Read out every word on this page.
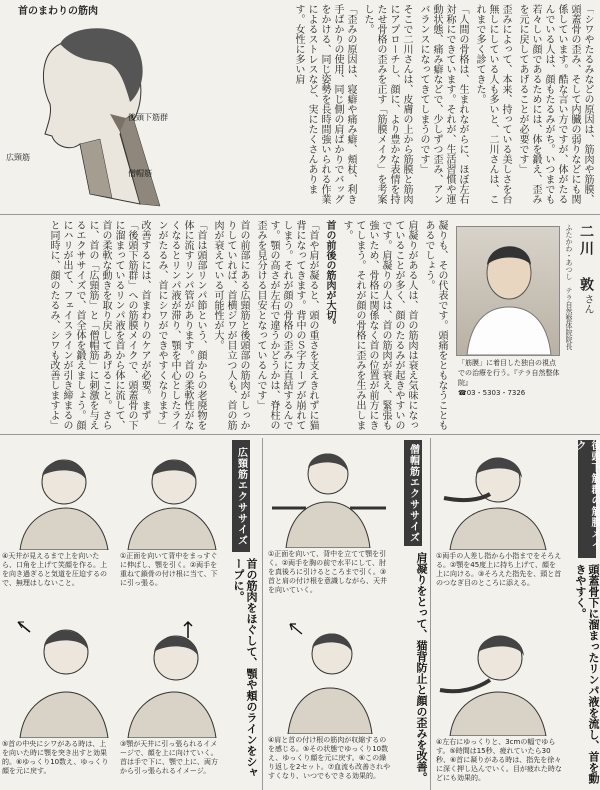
首のまわりの筋肉
後頭下筋群
広頸筋
僧帽筋	「シワやたるみなどの原因は、筋肉や筋膜、頭蓋骨の歪み、そして内臓の弱りなどにも関係しています。酷な言い方ですが、体がたるんでいる人は、顔もたるみがち。いつまでも若々しい顔であるためには、体を鍛え、歪みを元に戻してあげることが必要です」

歪みによって、本来、持っている美しさを台無しにしている人も多いと、二川さんは、これまで多く診てきた。

「人間の骨格は、生まれながらに、ほぼ左右対称にできています。それが、生活習慣や運動状態、痛み癖などで、少しずつ歪み、アンバランスになってきてしまうのです」

そこで二川さんは、皮膚の上から筋膜と筋肉にアプローチし、顔に、より豊かな表情を持たせ骨格の歪みを正す「筋膜メイク」を考案した。

「歪みの原因は、寝癖や痛み癖、頬杖、利き手ばかりの使用、同じ側の肩ばかりでバッグをかける、同じ姿勢を長時間強いられる作業によるストレスなど、実にたくさんあります。女性に多い肩

二川 敦
さん
ふたかわ・あつし　テラ自然整体院院長
「筋膜」に着目した独自の視点での治療を行う。『テラ自然整体院』
☎03・5303・7326

凝りも、その代表です。頭痛をともなうこともあるでしょう。

肩凝りがある人は、首の筋肉は衰え気味になっていることが多く、顔のたるみが起きやすいのです。肩凝りの人は、首の筋肉が衰え、緊張も強いため、骨格に関係なく首の位置が前方にきてしまう。それが顔の骨格に歪みを生み出します。

首の前後の筋肉が大切。

「首や肩が凝ると、頭の重さを支えきれずに猫背になってきます。背中のＳ字カーブが崩れてしまう。それが顔の骨格の歪みに直結するんです。顎の高さが左右で違うかどうかは、脊柱の歪みを見分ける目安となっているんです」

首の前部にある広頸筋と後頭部の筋肉がしっかりしていれば、首横ジワが目立つ人も、首の筋肉が衰えている可能性が大。

「首は頭部リンパ節という、顔からの老廃物を体に流すリンパ管があります。首の柔軟性がなくなるとリンパ液が滞り、顎を中心としたラインがたるみ、首にシワができやすくなります」

改善するには、首まわりのケアが必要。まず「後頭下筋群」への筋膜メイクで、頭蓋骨の下に溜まっているリンパ液を首から体に流して、首の柔軟な動きを取り戻してあげること。さらに、首の「広頸筋」と「僧帽筋」に刺激を与えるエクササイズで、首全体を鍛えましょう。顔にハリが出て、フェイスラインが引き締まるのと同時に、顔のたるみ、シワも改善しますよ」

④天井が見えるまで上を向いたら、口角を上げて笑顔を作る。上を向き過ぎると気道を圧迫するので、無理はしないこと。
①正面を向いて背中をまっすぐに伸ばし、顎を引く。②両手を重ねて鎖骨の付け根に当て、下に引っ張る。
⑤首の中央にシワがある時は、上を向いた時に顎を突き出すと効果的。⑥ゆっくり10数え、ゆっくり顔を元に戻す。
③顎が天井に引っ張られるイメージで、顔を上に向けていく。首は手で下に、顎で上に、両方から引っ張られるイメージ。
広頸筋エクササイズ
首の筋肉をほぐして、顎や頬のラインをシャープに。
①正面を向いて、背中を立てて顎を引く。②両手を胸の前で水平にして、肘を真後ろに引けるところまで引く。③首と肩の付け根を意識しながら、天井を向いていく。
④肩と首の付け根の筋肉が収縮するのを感じる。⑤その状態でゆっくり10数え、ゆっくり顔を元に戻す。⑥この繰り返しを2セット。⑦血流も改善されやすくなり、いつでもできる効果的。
僧帽筋エクササイズ
肩凝りをとって、猫背防止と顔の歪みを改善。 ①両手の人差し指から小指までをそろえる。②顎を45度上に持ち上げて、顔を上に向ける。③そろえた指先を、頭と首のつなぎ目のところに添える。
④左右にゆっくりと、3cmの幅でゆらす。⑤時間は15秒、疲れていたら30秒、⑥首に凝りがある時は、指先を徐々に深く押し込んでいく。目が疲れた時などにも効果的。
後頭下筋群の筋膜メイク
頭蓋骨下に溜まったリンパ液を流し、首を動きやすく。
